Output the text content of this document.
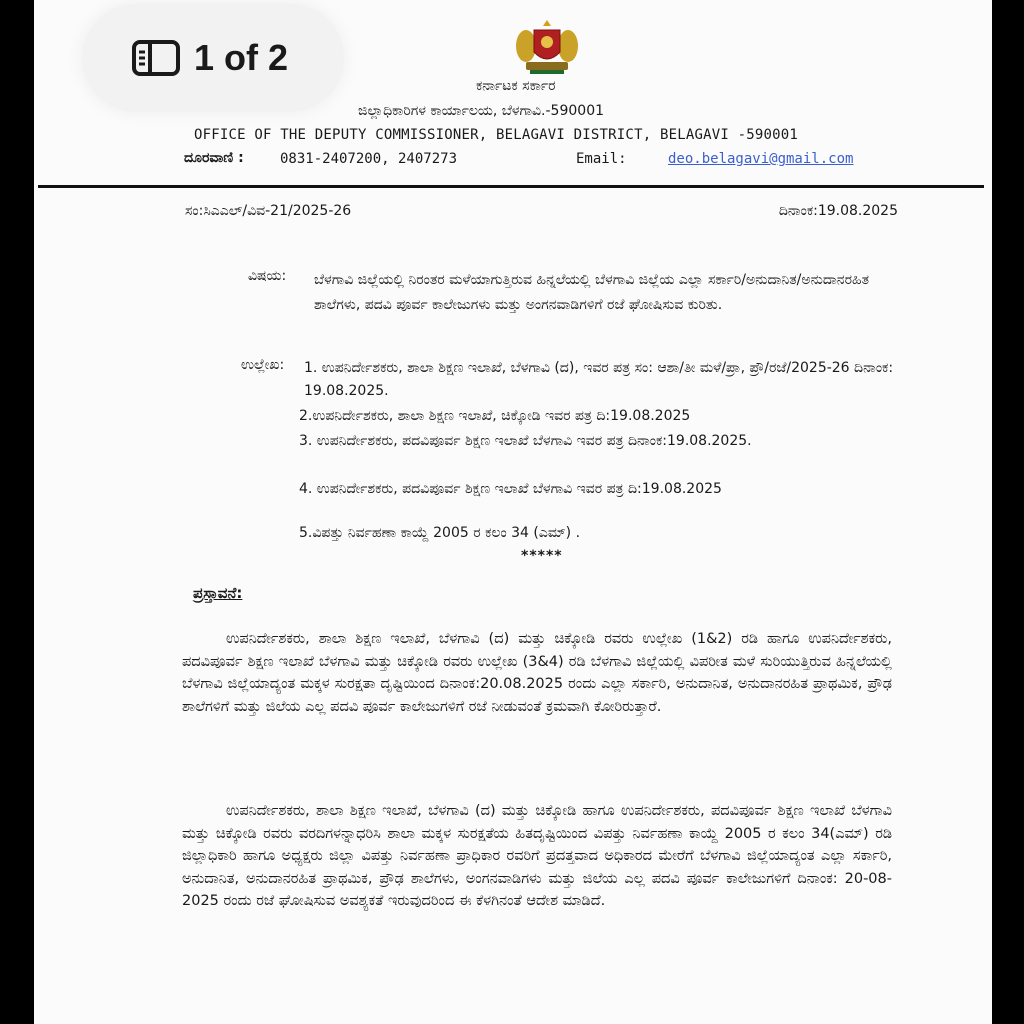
ಕರ್ನಾಟಕ ಸರ್ಕಾರ
ಜಿಲ್ಲಾಧಿಕಾರಿಗಳ ಕಾರ್ಯಾಲಯ, ಬೆಳಗಾವಿ.-590001
OFFICE OF THE DEPUTY COMMISSIONER, BELAGAVI DISTRICT, BELAGAVI -590001
ದೂರವಾಣಿ :	0831-2407200, 2407273	Email:	deo.belagavi@gmail.com
ಸಂ:ಸಿಎಎಲ್/ವಿವ-21/2025-26	ದಿನಾಂಕ:19.08.2025
ವಿಷಯ: ಬೆಳಗಾವಿ ಜಿಲ್ಲೆಯಲ್ಲಿ ನಿರಂತರ ಮಳೆಯಾಗುತ್ತಿರುವ ಹಿನ್ನಲೆಯಲ್ಲಿ ಬೆಳಗಾವಿ ಜಿಲ್ಲೆಯ ಎಲ್ಲಾ ಸರ್ಕಾರಿ/ಅನುದಾನಿತ/ಅನುದಾನರಹಿತ ಶಾಲೆಗಳು, ಪದವಿ ಪೂರ್ವ ಕಾಲೇಜುಗಳು ಮತ್ತು ಅಂಗನವಾಡಿಗಳಿಗೆ ರಜೆ ಘೋಷಿಸುವ ಕುರಿತು.

ಉಲ್ಲೇಖ: 1. ಉಪನಿರ್ದೇಶಕರು, ಶಾಲಾ ಶಿಕ್ಷಣ ಇಲಾಖೆ, ಬೆಳಗಾವಿ (ದ), ಇವರ ಪತ್ರ ಸಂ: ಆಶಾ/ತೀ ಮಳೆ/ಪ್ರಾ, ಪ್ರೌ/ರಜೆ/2025-26 ದಿನಾಂಕ: 19.08.2025.
2.ಉಪನಿರ್ದೇಶಕರು, ಶಾಲಾ ಶಿಕ್ಷಣ ಇಲಾಖೆ, ಚಿಕ್ಕೋಡಿ ಇವರ ಪತ್ರ ದಿ:19.08.2025
3. ಉಪನಿರ್ದೇಶಕರು, ಪದವಿಪೂರ್ವ ಶಿಕ್ಷಣ ಇಲಾಖೆ ಬೆಳಗಾವಿ ಇವರ ಪತ್ರ ದಿನಾಂಕ:19.08.2025.
4. ಉಪನಿರ್ದೇಶಕರು, ಪದವಿಪೂರ್ವ ಶಿಕ್ಷಣ ಇಲಾಖೆ ಬೆಳಗಾವಿ ಇವರ ಪತ್ರ ದಿ:19.08.2025
5.ವಿಪತ್ತು ನಿರ್ವಹಣಾ ಕಾಯ್ದೆ 2005 ರ ಕಲಂ 34 (ಎಮ್) .
*****
ಪ್ರಸ್ತಾವನೆ:

ಉಪನಿರ್ದೇಶಕರು, ಶಾಲಾ ಶಿಕ್ಷಣ ಇಲಾಖೆ, ಬೆಳಗಾವಿ (ದ) ಮತ್ತು ಚಿಕ್ಕೋಡಿ ರವರು ಉಲ್ಲೇಖ (1&2) ರಡಿ ಹಾಗೂ ಉಪನಿರ್ದೇಶಕರು, ಪದವಿಪೂರ್ವ ಶಿಕ್ಷಣ ಇಲಾಖೆ ಬೆಳಗಾವಿ ಮತ್ತು ಚಿಕ್ಕೋಡಿ ರವರು ಉಲ್ಲೇಖ (3&4) ರಡಿ ಬೆಳಗಾವಿ ಜಿಲ್ಲೆಯಲ್ಲಿ ವಿಪರೀತ ಮಳೆ ಸುರಿಯುತ್ತಿರುವ ಹಿನ್ನಲೆಯಲ್ಲಿ ಬೆಳಗಾವಿ ಜಿಲ್ಲೆಯಾದ್ಯಂತ ಮಕ್ಕಳ ಸುರಕ್ಷತಾ ದೃಷ್ಟಿಯಿಂದ ದಿನಾಂಕ:20.08.2025 ರಂದು ಎಲ್ಲಾ ಸರ್ಕಾರಿ, ಅನುದಾನಿತ, ಅನುದಾನರಹಿತ ಪ್ರಾಥಮಿಕ, ಪ್ರೌಢ ಶಾಲೆಗಳಿಗೆ ಮತ್ತು ಜಿಲೆಯ ಎಲ್ಲ ಪದವಿ ಪೂರ್ವ ಕಾಲೇಜುಗಳಿಗೆ ರಜೆ ನೀಡುವಂತೆ ಕ್ರಮವಾಗಿ ಕೋರಿರುತ್ತಾರೆ.

ಉಪನಿರ್ದೇಶಕರು, ಶಾಲಾ ಶಿಕ್ಷಣ ಇಲಾಖೆ, ಬೆಳಗಾವಿ (ದ) ಮತ್ತು ಚಿಕ್ಕೋಡಿ ಹಾಗೂ ಉಪನಿರ್ದೇಶಕರು, ಪದವಿಪೂರ್ವ ಶಿಕ್ಷಣ ಇಲಾಖೆ ಬೆಳಗಾವಿ ಮತ್ತು ಚಿಕ್ಕೋಡಿ ರವರು ವರದಿಗಳನ್ನಾಧರಿಸಿ ಶಾಲಾ ಮಕ್ಕಳ ಸುರಕ್ಷತೆಯ ಹಿತದೃಷ್ಟಿಯಿಂದ ವಿಪತ್ತು ನಿರ್ವಹಣಾ ಕಾಯ್ದೆ 2005 ರ ಕಲಂ 34(ಎಮ್) ರಡಿ ಜಿಲ್ಲಾಧಿಕಾರಿ ಹಾಗೂ ಅಧ್ಯಕ್ಷರು ಜಿಲ್ಲಾ ವಿಪತ್ತು ನಿರ್ವಹಣಾ ಪ್ರಾಧಿಕಾರ ರವರಿಗೆ ಪ್ರದತ್ತವಾದ ಅಧಿಕಾರದ ಮೇರೆಗೆ ಬೆಳಗಾವಿ ಜಿಲ್ಲೆಯಾದ್ಯಂತ ಎಲ್ಲಾ ಸರ್ಕಾರಿ, ಅನುದಾನಿತ, ಅನುದಾನರಹಿತ ಪ್ರಾಥಮಿಕ, ಪ್ರೌಢ ಶಾಲೆಗಳು, ಅಂಗನವಾಡಿಗಳು ಮತ್ತು ಜಿಲೆಯ ಎಲ್ಲ ಪದವಿ ಪೂರ್ವ ಕಾಲೇಜುಗಳಿಗೆ ದಿನಾಂಕ: 20-08-2025 ರಂದು ರಜೆ ಘೋಷಿಸುವ ಅವಶ್ಯಕತೆ ಇರುವುದರಿಂದ ಈ ಕೆಳಗಿನಂತೆ ಆದೇಶ ಮಾಡಿದೆ.

1 of 2
